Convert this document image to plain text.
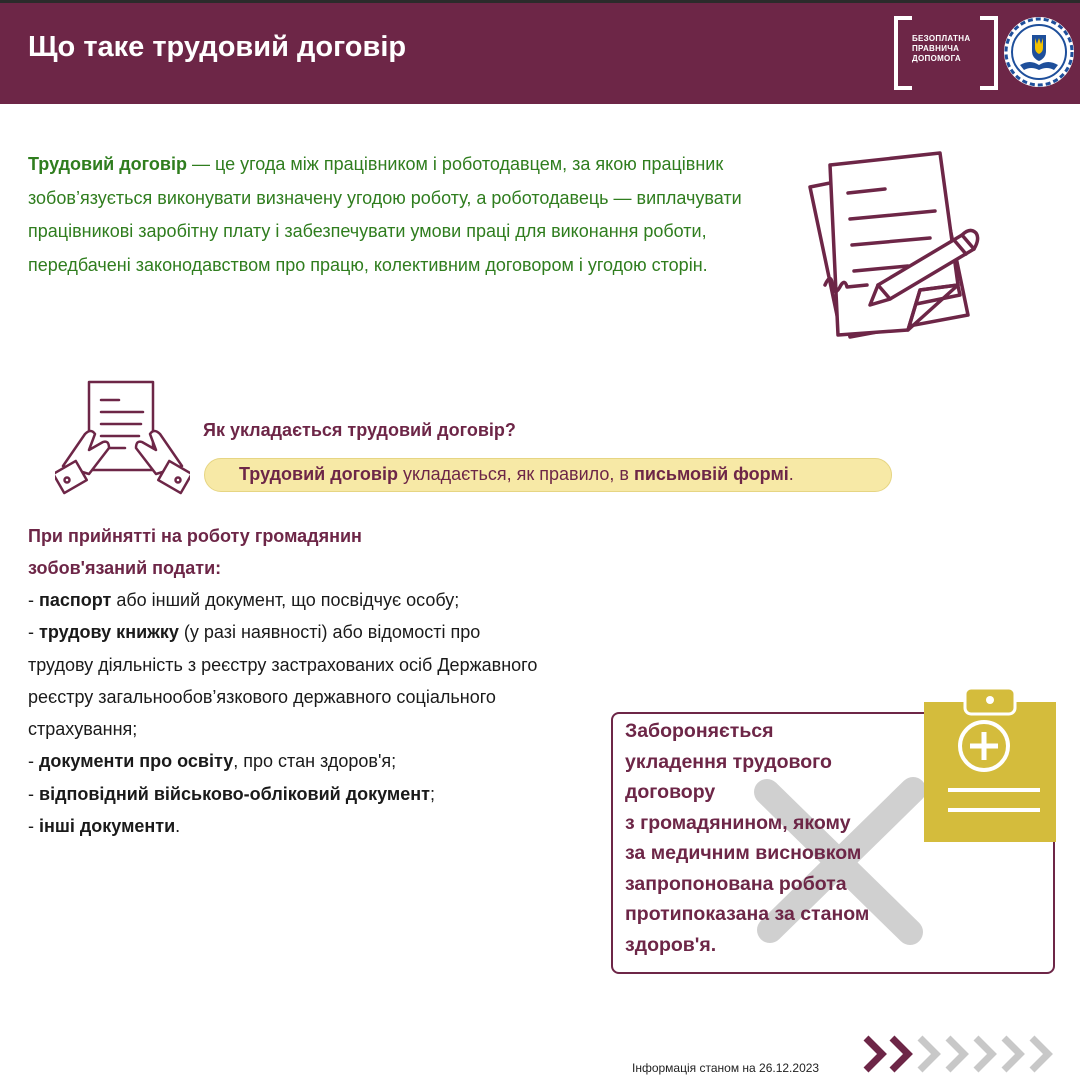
Що таке трудовий договір	БЕЗОПЛАТНА
ПРАВНИЧА
ДОПОМОГА

Трудовий договір — це угода між працівником і роботодавцем, за якою працівник зобов’язується виконувати визначену угодою роботу, а роботодавець — виплачувати працівникові заробітну плату і забезпечувати умови праці для виконання роботи, передбачені законодавством про працю, колективним договором і угодою сторін.

Як укладається трудовий договір?
Трудовий договір укладається, як правило, в письмовій формі.
При прийнятті на роботу громадянин зобов'язаний подати:
- паспорт або інший документ, що посвідчує особу;
- трудову книжку (у разі наявності) або відомості про трудову діяльність з реєстру застрахованих осіб Державного реєстру загальнообов’язкового державного соціального страхування;
- документи про освіту, про стан здоров'я;
- відповідний військово-обліковий документ;
- інші документи.
Забороняється
укладення трудового
договору
з громадянином, якому
за медичним висновком
запропонована робота
протипоказана за станом
здоров'я.

Інформація станом на 26.12.2023
